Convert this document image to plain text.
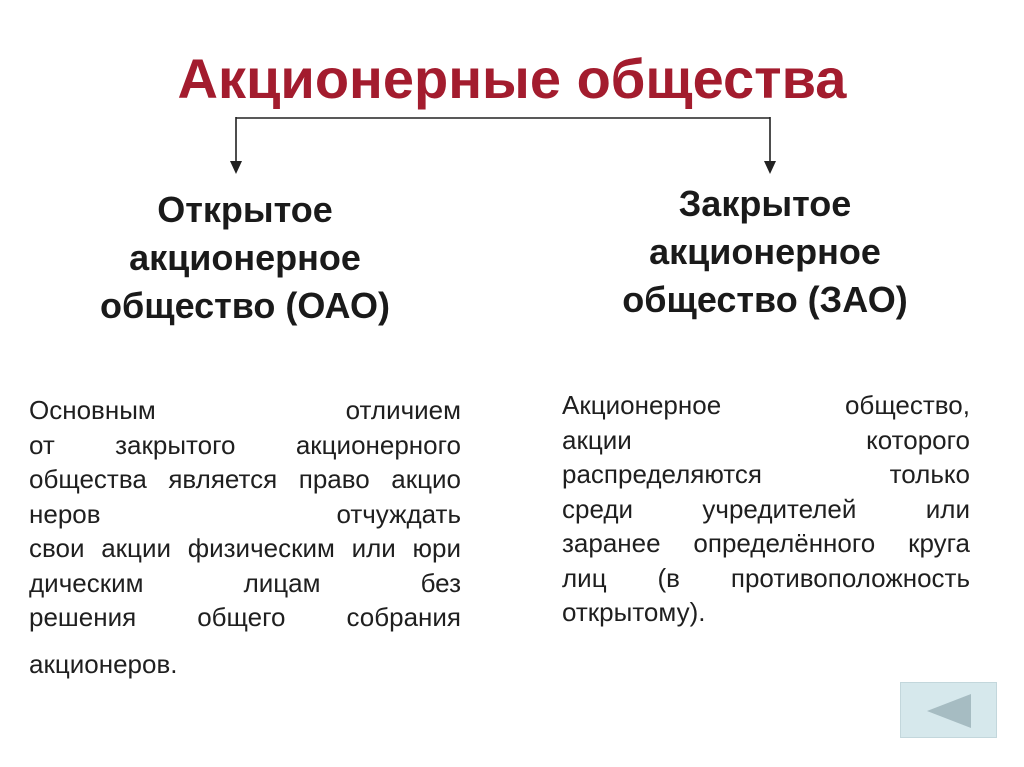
Акционерные общества
Открытое
акционерное
общество (ОАО)
Закрытое
акционерное
общество (ЗАО)
Основным отличием
от закрытого акционерного
общества является право акцио
неров отчуждать
свои акции физическим или юри
дическим лицам без
решения общего собрания
акционеров.
Акционерное общество,
акции которого
распределяются только
среди учредителей или
заранее определённого круга
лиц (в противоположность
открытому).
